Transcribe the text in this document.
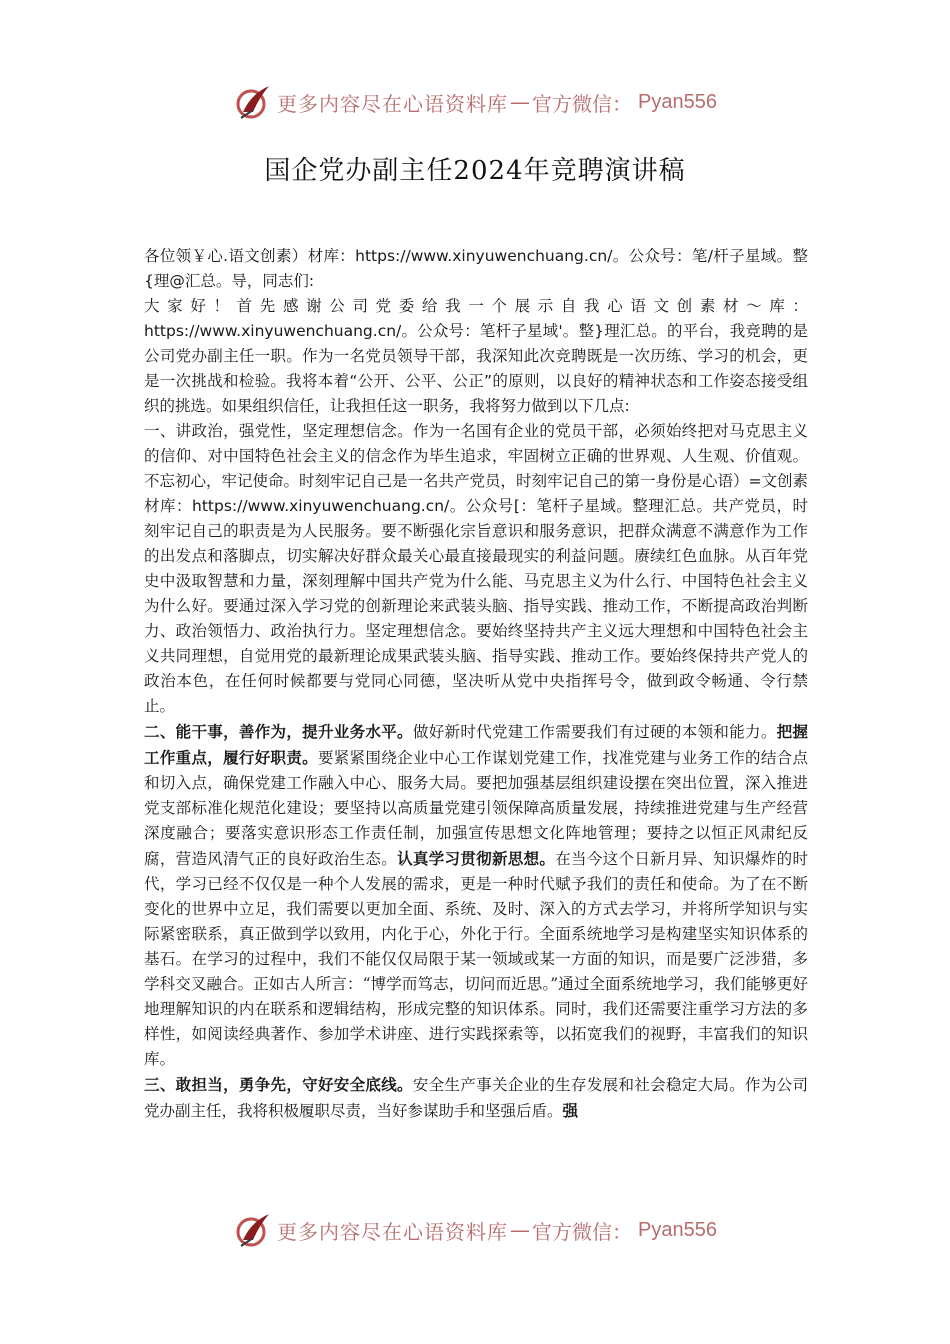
更多内容尽在心语资料库 — 官方微信： Pyan556
国企党办副主任2024年竞聘演讲稿

各位领￥心.语文创素）材库：https://www.xinyuwenchuang.cn/。公众号：笔/杆子星域。整{理@汇总。导，同志们:

大家好！首先感谢公司党委给我一个展示自我心语文创素材～库：https://www.xinyuwenchuang.cn/。公众号：笔杆子星域'。整}理汇总。的平台，我竞聘的是公司党办副主任一职。作为一名党员领导干部，我深知此次竞聘既是一次历练、学习的机会，更是一次挑战和检验。我将本着“公开、公平、公正”的原则，以良好的精神状态和工作姿态接受组织的挑选。如果组织信任，让我担任这一职务，我将努力做到以下几点:

一、讲政治，强党性，坚定理想信念。作为一名国有企业的党员干部，必须始终把对马克思主义的信仰、对中国特色社会主义的信念作为毕生追求，牢固树立正确的世界观、人生观、价值观。不忘初心，牢记使命。时刻牢记自己是一名共产党员，时刻牢记自己的第一身份是心语）=文创素材库：https://www.xinyuwenchuang.cn/。公众号[：笔杆子星域。整理汇总。共产党员，时刻牢记自己的职责是为人民服务。要不断强化宗旨意识和服务意识，把群众满意不满意作为工作的出发点和落脚点，切实解决好群众最关心最直接最现实的利益问题。赓续红色血脉。从百年党史中汲取智慧和力量，深刻理解中国共产党为什么能、马克思主义为什么行、中国特色社会主义为什么好。要通过深入学习党的创新理论来武装头脑、指导实践、推动工作，不断提高政治判断力、政治领悟力、政治执行力。坚定理想信念。要始终坚持共产主义远大理想和中国特色社会主义共同理想，自觉用党的最新理论成果武装头脑、指导实践、推动工作。要始终保持共产党人的政治本色，在任何时候都要与党同心同德，坚决听从党中央指挥号令，做到政令畅通、令行禁止。

二、能干事，善作为，提升业务水平。做好新时代党建工作需要我们有过硬的本领和能力。把握工作重点，履行好职责。要紧紧围绕企业中心工作谋划党建工作，找准党建与业务工作的结合点和切入点，确保党建工作融入中心、服务大局。要把加强基层组织建设摆在突出位置，深入推进党支部标准化规范化建设；要坚持以高质量党建引领保障高质量发展，持续推进党建与生产经营深度融合；要落实意识形态工作责任制，加强宣传思想文化阵地管理；要持之以恒正风肃纪反腐，营造风清气正的良好政治生态。认真学习贯彻新思想。在当今这个日新月异、知识爆炸的时代，学习已经不仅仅是一种个人发展的需求，更是一种时代赋予我们的责任和使命。为了在不断变化的世界中立足，我们需要以更加全面、系统、及时、深入的方式去学习，并将所学知识与实际紧密联系，真正做到学以致用，内化于心，外化于行。全面系统地学习是构建坚实知识体系的基石。在学习的过程中，我们不能仅仅局限于某一领域或某一方面的知识，而是要广泛涉猎，多学科交叉融合。正如古人所言：“博学而笃志，切问而近思。”通过全面系统地学习，我们能够更好地理解知识的内在联系和逻辑结构，形成完整的知识体系。同时，我们还需要注重学习方法的多样性，如阅读经典著作、参加学术讲座、进行实践探索等，以拓宽我们的视野，丰富我们的知识库。

三、敢担当，勇争先，守好安全底线。安全生产事关企业的生存发展和社会稳定大局。作为公司党办副主任，我将积极履职尽责，当好参谋助手和坚强后盾。强

更多内容尽在心语资料库 — 官方微信： Pyan556
